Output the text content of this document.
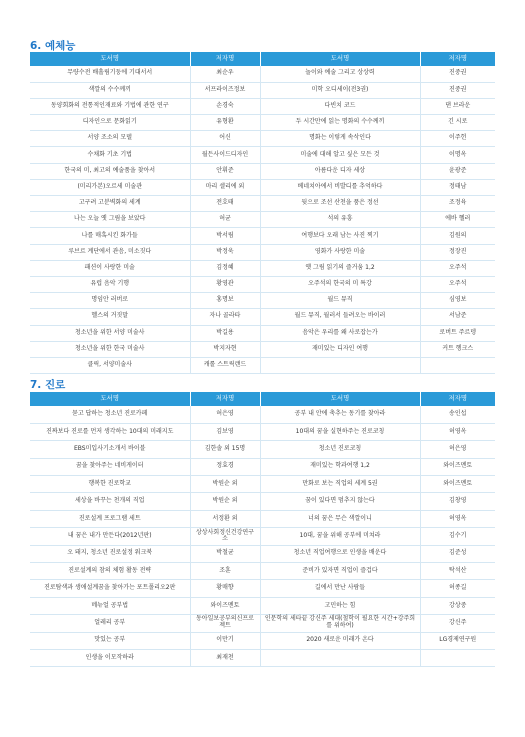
6. 예체능
도서명	저자명	도서명	저자명
무량수전 배흘림기둥에 기대서서	최순우	놀이와 예술 그리고 상상력	진중권
색깔의 수수께끼	서프라이즈정보	미학 오디세이(전3권)	진중권
동양회화의 전통적인재료와 기법에 관한 연구	손경숙	다빈치 코드	댄 브라운
디자인으로 문화읽기	유형환	두 시간만에 읽는 명화의 수수께끼	긴 시로
서양 조소의 모델	어신	명화는 이렇게 속삭인다	이주헌
수채화 기초 기법	월든사이드디자인	미술에 대해 알고 싶은 모든 것	이명옥
한국의 미, 최고의 예술품을 찾아서	안휘준	아름다운 디자 세상	윤광준
(미리가본)오르세 미술관	마리 셀리에 외	베네치아에서 비발디를 추억하다	정태남
고구려 고분벽화의 세계	전호태	뒷으로 조선 산천을 품은 정선	조정육
나는 오늘 옛 그림을 보았다	허균	석의 유흥	에바 헬러
나를 매혹시킨 화가들	박서림	여행보다 오래 남는 사진 찍기	김원의
루브르 계단에서 관음, 미소짓다	박정욱	영화가 사랑한 미술	정장진
패션이 사랑한 미술	김정혜	옛 그림 읽기의 즐거움 1,2	오주석
유럽 음악 기행	황영관	오주석의 한국의 미 특강	오주석
명임안 러버로	홍명보	월드 뮤직	심영보
헬스의 거짓말	자나 골라타	월드 뮤직, 월러서 들려오는 바이러	서남준
청소년을 위한 서양 미술사	박길용	음악은 우리를 왜 사로잡는가	로버트 주르뎅
청소년을 위한 한국 미술사	박지자현	재미있는 디자인 여행	커트 헹크스
클릭, 서양미술사	캐롤 스트릭랜드		
7. 진로
도서명	저자명	도서명	저자명
묻고 답하는 청소년 진로카페	허은영	공부 내 안에 축추는 동기를 찾아라	송인섭
진짜보다 진로를 먼저 생각하는 10대의 미래지도	김보영	10대의 꿈을 실현하주는 진로코칭	허영옥
EBS미입사기소개서 바이블	김한솔 외 15명	청소년 진로코칭	허은영
꿈을 찾아주는 네비게이터	정효경	재미있는 학과여행 1,2	와이즈멘토
행복한 진로학교	박원순 외	만화로 보는 직업의 세계 5권	와이즈멘토
세상을 바꾸는 천개의 직업	박원순 외	꿈이 있다면 멈추지 않는다	김창영
진로설계 프로그램 세트	서정환 외	너의 꿈은 무슨 색깔이니	허영옥
내 꿈은 내가 만든다(2012년판)	상상사회정신건강연구소	10대, 꿈을 위해 공부에 미쳐라	김수기
오 돼지, 청소년 진로설정 워크북	박철균	청소년 직업여행으로 인생을 배운다	김준성
진로설계의 참의 체험 활동 전략	조훈	준비가 있자면 직업이 즐겁다	탁석산
진로탐색과 생애설계꿈을 찾아가는 포트폴리오2판	황매향	길에서 만난 사람들	허종길
메뉴얼 공부법	와이즈멘토	고민하는 힘	강상중
얼레리 공부	동아일보공부의신프로젝트	인문학의 세타끝 강신주 세대(철학이 필요한 시간+강주희를 위하여)	강신주
맛있는 공부	이만기	2020 새로운 미래가 온다	LG경제연구원
인생을 이모작하라	최재천		
